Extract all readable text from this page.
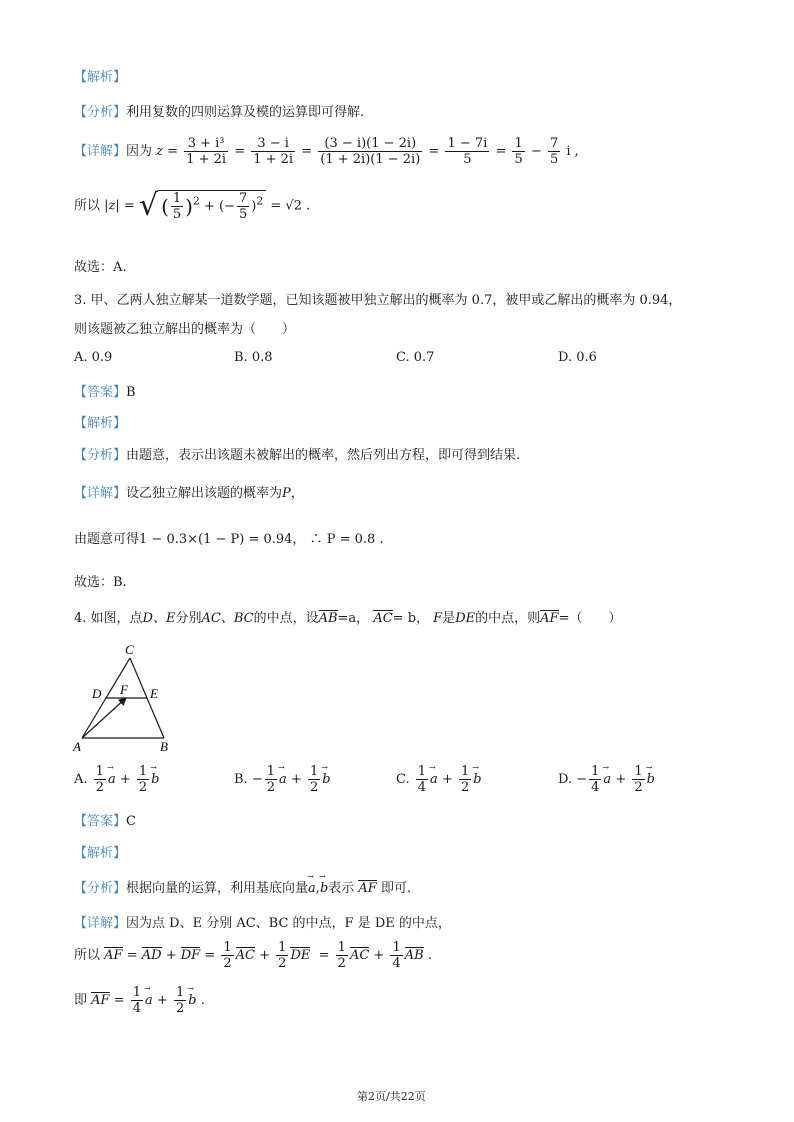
【解析】
【分析】利用复数的四则运算及模的运算即可得解.
【详解】因为 $z = \frac{\text{3 + i³}}{1 + 2i} = \frac{3 - i}{1 + 2i} = \frac{(3 - i)(1 - 2i)}{(1 + 2i)(1 - 2i)} = \frac{1 - 7i}{5} = \frac{1}{5} - \frac{7}{5}$ i ,
所以 |z| = √ ( $\frac{1}{5} )^2$ + (− $\frac{7}{5} )^2 = √2$ .
故选：A.
3. 甲、乙两人独立解某一道数学题，已知该题被甲独立解出的概率为 0.7，被甲或乙解出的概率为 0.94，
则该题被乙独立解出的概率为（　　）
A. 0.9	B. 0.8	C. 0.7	D. 0.6
【答案】B
【解析】
【分析】由题意，表示出该题未被解出的概率，然后列出方程，即可得到结果.
【详解】设乙独立解出该题的概率为P，
由题意可得1 − 0.3×(1 − P) = 0.94， ∴ P = 0.8 .
故选：B.
4. 如图，点D、E分别AC、BC的中点，设AB=a， AC= b， F是DE的中点，则AF=（　　）
C
D F E
A	B
A. $\frac{1}{2}$
→ $a + \frac{1}{2}$
→ b	B. − $\frac{1}{2}$
→ $a + \frac{1}{2}$
→ b	C. $\frac{1}{4}$
→ $a + \frac{1}{2}$
→ b	D. − $\frac{1}{4}$
→ $a + \frac{1}{2}$
→ b
【答案】C
【解析】
【分析】根据向量的运算，利用基底向量→ a,→ b表示 AF 即可.
【详解】因为点 D、E 分别 AC、BC 的中点，F 是 DE 的中点，
所以 AF = AD + DF = $\frac{1}{2}$ AC + $\frac{1}{2}$ DE  = $\frac{1}{2}$ AC + $\frac{1}{4}$ AB .
即 AF = $\frac{1}{4}$
→ $a + \frac{1}{2}$
→ b .
第2页/共22页
